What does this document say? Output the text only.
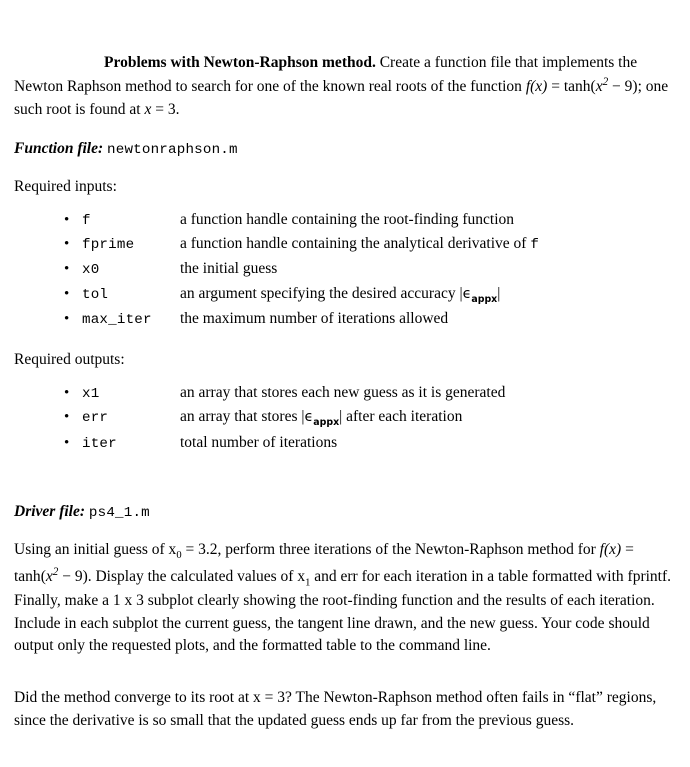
Problems with Newton-Raphson method. Create a function file that implements the Newton Raphson method to search for one of the known real roots of the function $f(x) = \tanh(x^2 - 9)$; one such root is found at x = 3.

Function file: newtonraphson.m

Required inputs:

• f	a function handle containing the root-finding function
• fprime	a function handle containing the analytical derivative of f
• x0	the initial guess
• tol	an argument specifying the desired accuracy $|\epsilon_{appx}|$
• max_iter	the maximum number of iterations allowed

Required outputs:

• x1	an array that stores each new guess as it is generated
• err	an array that stores $|\epsilon_{appx}|$ after each iteration
• iter	total number of iterations

Driver file: ps4_1.m

Using an initial guess of $x_0 = 3.2$, perform three iterations of the Newton-Raphson method for $f(x) = \tanh(x^2 - 9)$. Display the calculated values of $x_1$ and err for each iteration in a table formatted with fprintf. Finally, make a 1 x 3 subplot clearly showing the root-finding function and the results of each iteration. Include in each subplot the current guess, the tangent line drawn, and the new guess. Your code should output only the requested plots, and the formatted table to the command line.

Did the method converge to its root at x = 3? The Newton-Raphson method often fails in “flat” regions, since the derivative is so small that the updated guess ends up far from the previous guess.
